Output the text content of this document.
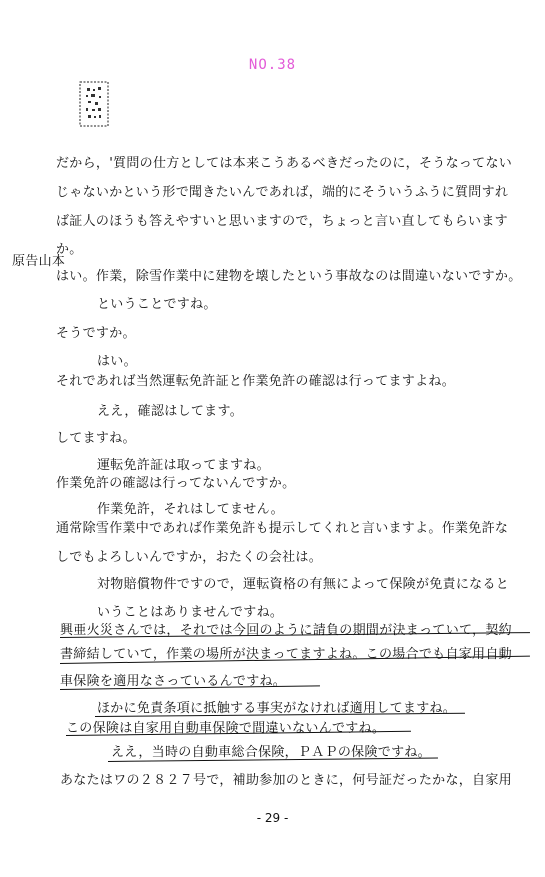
NO.38
だから，'質問の仕方としては本来こうあるべきだったのに，そうなってない
じゃないかという形で聞きたいんであれば，端的にそういうふうに質問すれ
ば証人のほうも答えやすいと思いますので，ちょっと言い直してもらいます
か。
原告山本
はい。作業，除雪作業中に建物を壊したという事故なのは間違いないですか。
ということですね。
そうですか。
はい。
それであれば当然運転免許証と作業免許の確認は行ってますよね。
ええ，確認はしてます。
してますね。
運転免許証は取ってますね。
作業免許の確認は行ってないんですか。
作業免許，それはしてません。
通常除雪作業中であれば作業免許も提示してくれと言いますよ。作業免許な
しでもよろしいんですか，おたくの会社は。
対物賠償物件ですので，運転資格の有無によって保険が免責になると
いうことはありませんですね。
興亜火災さんでは，それでは今回のように請負の期間が決まっていて，契約
書締結していて，作業の場所が決まってますよね。この場合でも自家用自動
車保険を適用なさっているんですね。
ほかに免責条項に抵触する事実がなければ適用してますね。
この保険は自家用自動車保険で間違いないんですね。
ええ，当時の自動車総合保険，ＰＡＰの保険ですね。
あなたはワの２８２７号で，補助参加のときに，何号証だったかな，自家用
- 29 -
